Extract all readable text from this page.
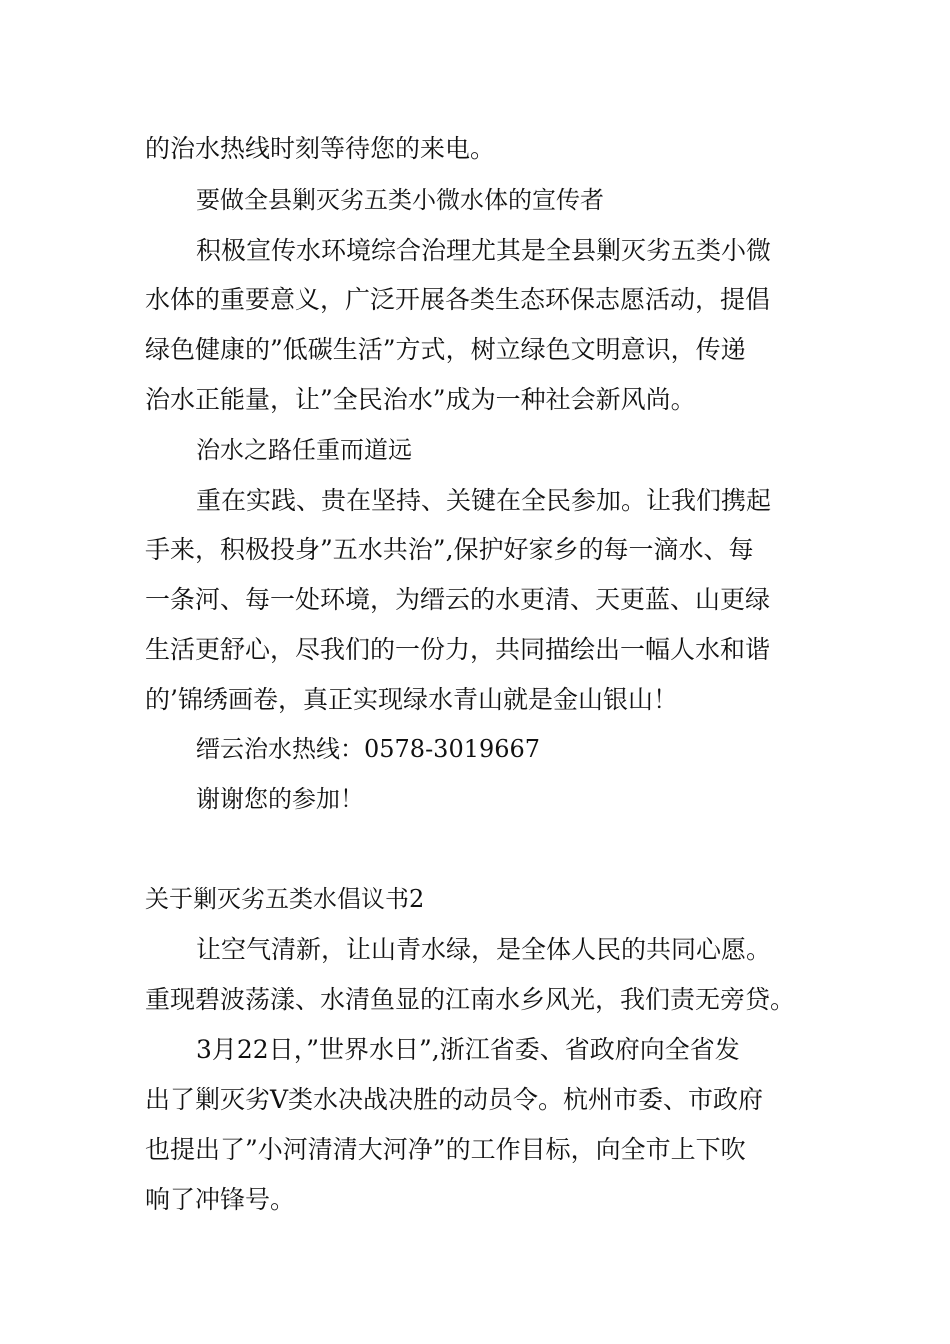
的治水热线时刻等待您的来电。
要做全县剿灭劣五类小微水体的宣传者
积极宣传水环境综合治理尤其是全县剿灭劣五类小微
水体的重要意义，广泛开展各类生态环保志愿活动，提倡
绿色健康的”低碳生活”方式，树立绿色文明意识，传递
治水正能量，让”全民治水”成为一种社会新风尚。
治水之路任重而道远
重在实践、贵在坚持、关键在全民参加。让我们携起
手来，积极投身”五水共治”,保护好家乡的每一滴水、每
一条河、每一处环境，为缙云的水更清、天更蓝、山更绿
生活更舒心，尽我们的一份力，共同描绘出一幅人水和谐
的’锦绣画卷，真正实现绿水青山就是金山银山！
缙云治水热线：0578-3019667
谢谢您的参加！
关于剿灭劣五类水倡议书2
让空气清新，让山青水绿，是全体人民的共同心愿。
重现碧波荡漾、水清鱼显的江南水乡风光，我们责无旁贷。
3月22日，”世界水日”,浙江省委、省政府向全省发
出了剿灭劣Ⅴ类水决战决胜的动员令。杭州市委、市政府
也提出了”小河清清大河净”的工作目标，向全市上下吹
响了冲锋号。
